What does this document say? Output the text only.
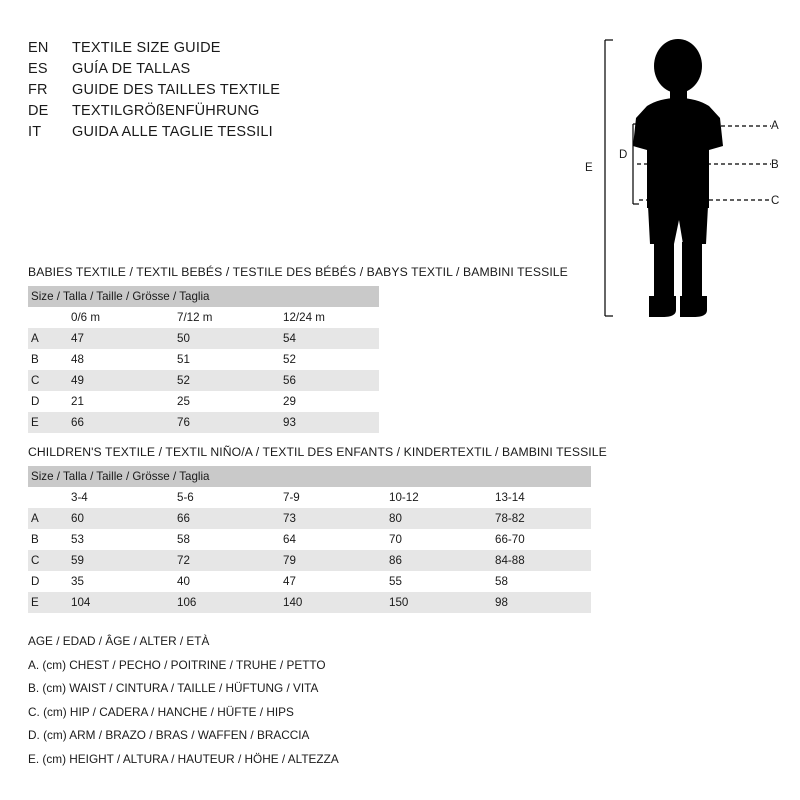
EN	TEXTILE SIZE GUIDE
ES	GUÍA DE TALLAS
FR	GUIDE DES TAILLES TEXTILE
DE	TEXTILGRÖßENFÜHRUNG
IT	GUIDA ALLE TAGLIE TESSILI	A
B
C
D
E
BABIES TEXTILE / TEXTIL BEBÉS / TESTILE DES BÉBÉS / BABYS TEXTIL / BAMBINI TESSILE
Size / Talla / Taille / Grösse / Taglia			
	0/6 m	7/12 m	12/24 m
A	47	50	54
B	48	51	52
C	49	52	56
D	21	25	29
E	66	76	93
CHILDREN'S TEXTILE / TEXTIL NIÑO/A / TEXTIL DES ENFANTS / KINDERTEXTIL / BAMBINI TESSILE
Size / Talla / Taille / Grösse / Taglia					
	3-4	5-6	7-9	10-12	13-14
A	60	66	73	80	78-82
B	53	58	64	70	66-70
C	59	72	79	86	84-88
D	35	40	47	55	58
E	104	106	140	150	98
AGE / EDAD / ÂGE / ALTER / ETÀ
A. (cm) CHEST / PECHO / POITRINE / TRUHE / PETTO
B. (cm) WAIST / CINTURA / TAILLE / HÜFTUNG / VITA
C. (cm) HIP / CADERA / HANCHE / HÜFTE / HIPS
D. (cm) ARM / BRAZO / BRAS / WAFFEN / BRACCIA
E. (cm) HEIGHT / ALTURA / HAUTEUR / HÖHE / ALTEZZA
